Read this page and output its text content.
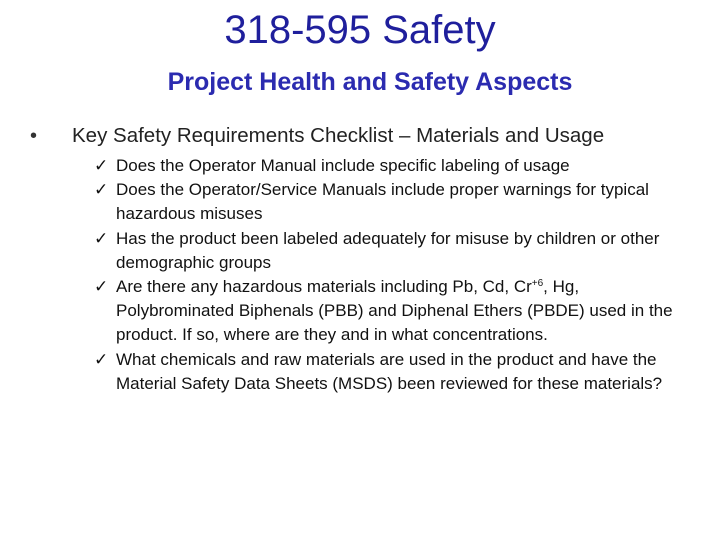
318-595 Safety
Project Health and Safety Aspects
•	Key Safety Requirements Checklist – Materials and Usage
✓ Does the Operator Manual include specific labeling of usage
✓ Does the Operator/Service Manuals include proper warnings for typical hazardous misuses
✓ Has the product been labeled adequately for misuse by children or other demographic groups
✓ Are there any hazardous materials including Pb, Cd, $Cr^{+6}$, Hg, Polybrominated Biphenals (PBB) and Diphenal Ethers (PBDE) used in the product. If so, where are they and in what concentrations.
✓ What chemicals and raw materials are used in the product and have the Material Safety Data Sheets (MSDS) been reviewed for these materials?
